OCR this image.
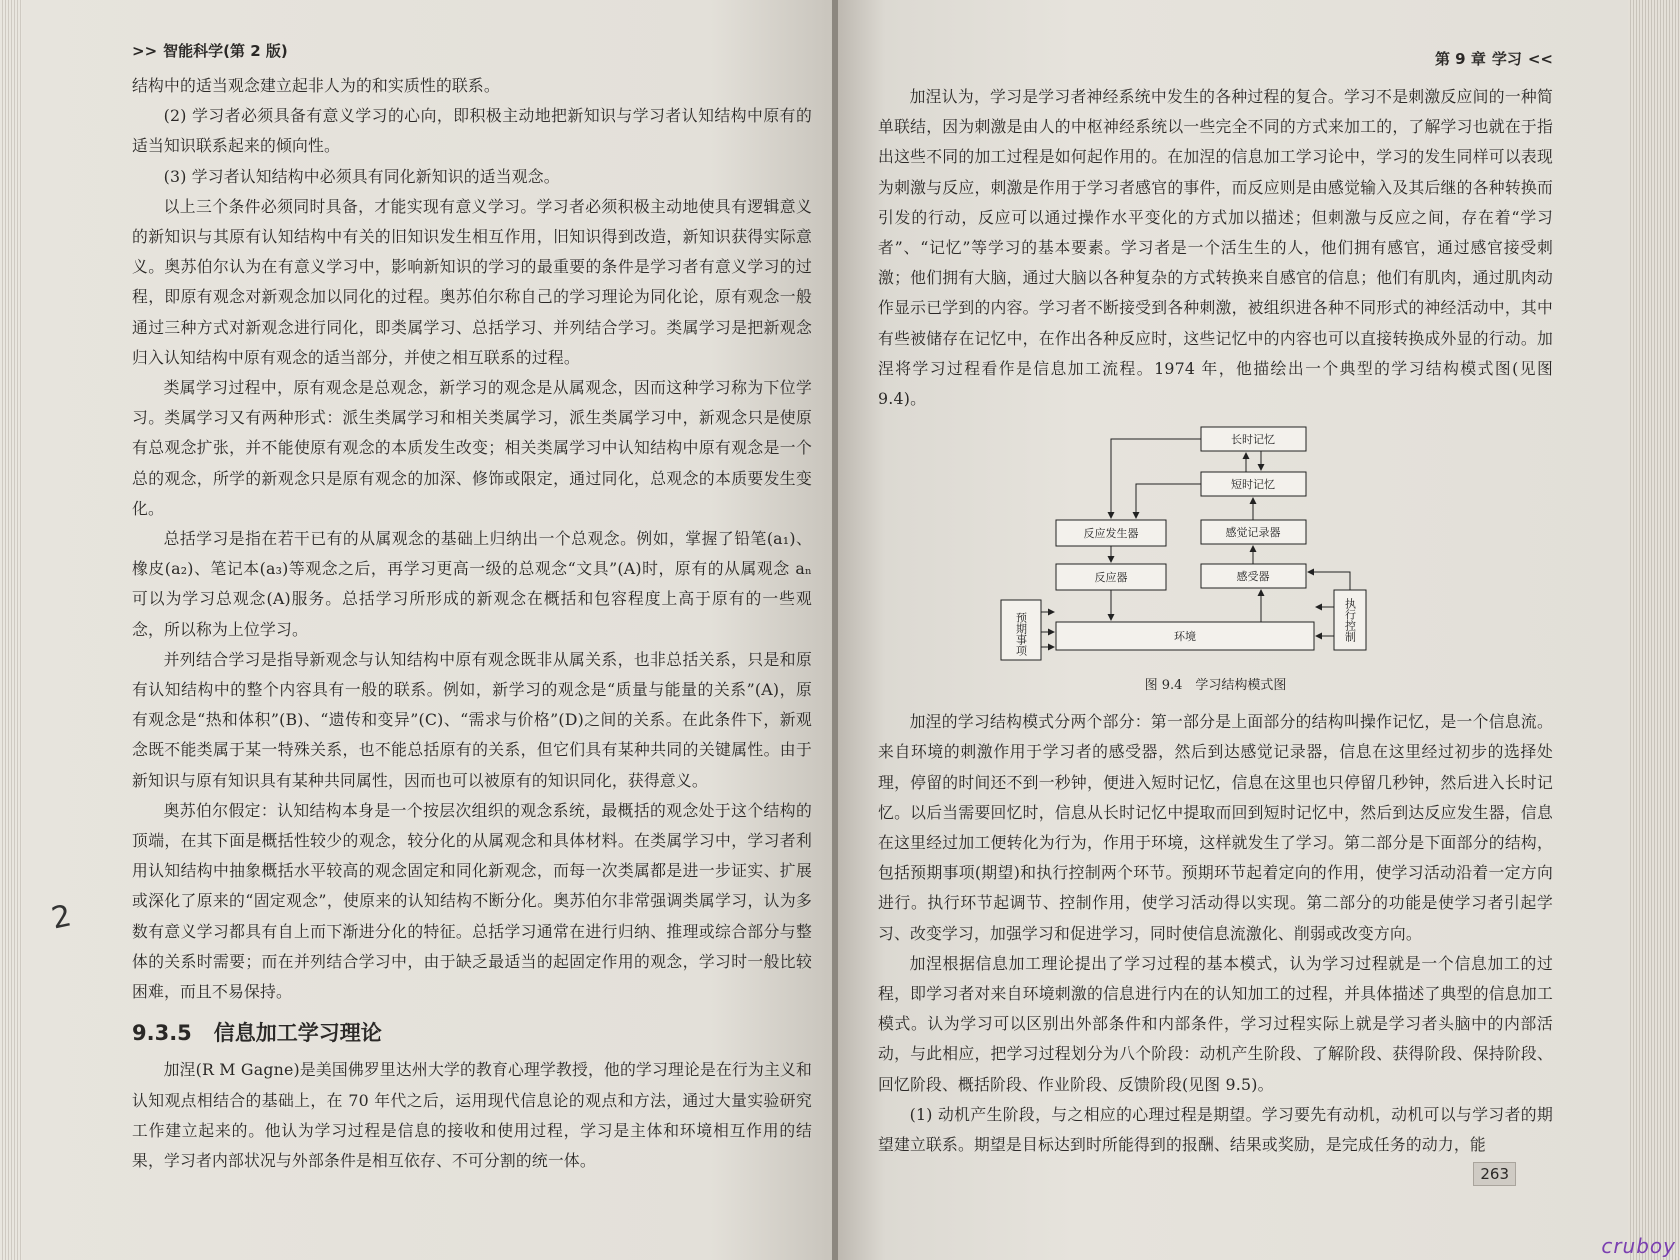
>> 智能科学(第 2 版)

结构中的适当观念建立起非人为的和实质性的联系。

(2) 学习者必须具备有意义学习的心向，即积极主动地把新知识与学习者认知结构中原有的适当知识联系起来的倾向性。

(3) 学习者认知结构中必须具有同化新知识的适当观念。

以上三个条件必须同时具备，才能实现有意义学习。学习者必须积极主动地使具有逻辑意义的新知识与其原有认知结构中有关的旧知识发生相互作用，旧知识得到改造，新知识获得实际意义。奥苏伯尔认为在有意义学习中，影响新知识的学习的最重要的条件是学习者有意义学习的过程，即原有观念对新观念加以同化的过程。奥苏伯尔称自己的学习理论为同化论，原有观念一般通过三种方式对新观念进行同化，即类属学习、总括学习、并列结合学习。类属学习是把新观念归入认知结构中原有观念的适当部分，并使之相互联系的过程。

类属学习过程中，原有观念是总观念，新学习的观念是从属观念，因而这种学习称为下位学习。类属学习又有两种形式：派生类属学习和相关类属学习，派生类属学习中，新观念只是使原有总观念扩张，并不能使原有观念的本质发生改变；相关类属学习中认知结构中原有观念是一个总的观念，所学的新观念只是原有观念的加深、修饰或限定，通过同化，总观念的本质要发生变化。

总括学习是指在若干已有的从属观念的基础上归纳出一个总观念。例如，掌握了铅笔(a₁)、橡皮(a₂)、笔记本(a₃)等观念之后，再学习更高一级的总观念“文具”(A)时，原有的从属观念 aₙ 可以为学习总观念(A)服务。总括学习所形成的新观念在概括和包容程度上高于原有的一些观念，所以称为上位学习。

并列结合学习是指导新观念与认知结构中原有观念既非从属关系，也非总括关系，只是和原有认知结构中的整个内容具有一般的联系。例如，新学习的观念是“质量与能量的关系”(A)，原有观念是“热和体积”(B)、“遗传和变异”(C)、“需求与价格”(D)之间的关系。在此条件下，新观念既不能类属于某一特殊关系，也不能总括原有的关系，但它们具有某种共同的关键属性。由于新知识与原有知识具有某种共同属性，因而也可以被原有的知识同化，获得意义。

奥苏伯尔假定：认知结构本身是一个按层次组织的观念系统，最概括的观念处于这个结构的顶端，在其下面是概括性较少的观念，较分化的从属观念和具体材料。在类属学习中，学习者利用认知结构中抽象概括水平较高的观念固定和同化新观念，而每一次类属都是进一步证实、扩展或深化了原来的“固定观念”，使原来的认知结构不断分化。奥苏伯尔非常强调类属学习，认为多数有意义学习都具有自上而下渐进分化的特征。总括学习通常在进行归纳、推理或综合部分与整体的关系时需要；而在并列结合学习中，由于缺乏最适当的起固定作用的观念，学习时一般比较困难，而且不易保持。

9.3.5 信息加工学习理论

加涅(R M Gagne)是美国佛罗里达州大学的教育心理学教授，他的学习理论是在行为主义和认知观点相结合的基础上，在 70 年代之后，运用现代信息论的观点和方法，通过大量实验研究工作建立起来的。他认为学习过程是信息的接收和使用过程，学习是主体和环境相互作用的结果，学习者内部状况与外部条件是相互依存、不可分割的统一体。

2
第 9 章 学习 <<

加涅认为，学习是学习者神经系统中发生的各种过程的复合。学习不是刺激反应间的一种简单联结，因为刺激是由人的中枢神经系统以一些完全不同的方式来加工的，了解学习也就在于指出这些不同的加工过程是如何起作用的。在加涅的信息加工学习论中，学习的发生同样可以表现为刺激与反应，刺激是作用于学习者感官的事件，而反应则是由感觉输入及其后继的各种转换而引发的行动，反应可以通过操作水平变化的方式加以描述；但刺激与反应之间，存在着“学习者”、“记忆”等学习的基本要素。学习者是一个活生生的人，他们拥有感官，通过感官接受刺激；他们拥有大脑，通过大脑以各种复杂的方式转换来自感官的信息；他们有肌肉，通过肌肉动作显示已学到的内容。学习者不断接受到各种刺激，被组织进各种不同形式的神经活动中，其中有些被储存在记忆中，在作出各种反应时，这些记忆中的内容也可以直接转换成外显的行动。加涅将学习过程看作是信息加工流程。1974 年，他描绘出一个典型的学习结构模式图(见图 9.4)。

长时记忆
短时记忆
反应发生器	感觉记录器
反应器	感受器
环境
预期事项	执行控制
图 9.4　学习结构模式图

加涅的学习结构模式分两个部分：第一部分是上面部分的结构叫操作记忆，是一个信息流。来自环境的刺激作用于学习者的感受器，然后到达感觉记录器，信息在这里经过初步的选择处理，停留的时间还不到一秒钟，便进入短时记忆，信息在这里也只停留几秒钟，然后进入长时记忆。以后当需要回忆时，信息从长时记忆中提取而回到短时记忆中，然后到达反应发生器，信息在这里经过加工便转化为行为，作用于环境，这样就发生了学习。第二部分是下面部分的结构，包括预期事项(期望)和执行控制两个环节。预期环节起着定向的作用，使学习活动沿着一定方向进行。执行环节起调节、控制作用，使学习活动得以实现。第二部分的功能是使学习者引起学习、改变学习，加强学习和促进学习，同时使信息流激化、削弱或改变方向。

加涅根据信息加工理论提出了学习过程的基本模式，认为学习过程就是一个信息加工的过程，即学习者对来自环境刺激的信息进行内在的认知加工的过程，并具体描述了典型的信息加工模式。认为学习可以区别出外部条件和内部条件，学习过程实际上就是学习者头脑中的内部活动，与此相应，把学习过程划分为八个阶段：动机产生阶段、了解阶段、获得阶段、保持阶段、回忆阶段、概括阶段、作业阶段、反馈阶段(见图 9.5)。

(1) 动机产生阶段，与之相应的心理过程是期望。学习要先有动机，动机可以与学习者的期望建立联系。期望是目标达到时所能得到的报酬、结果或奖励，是完成任务的动力，能

263
cruboy
